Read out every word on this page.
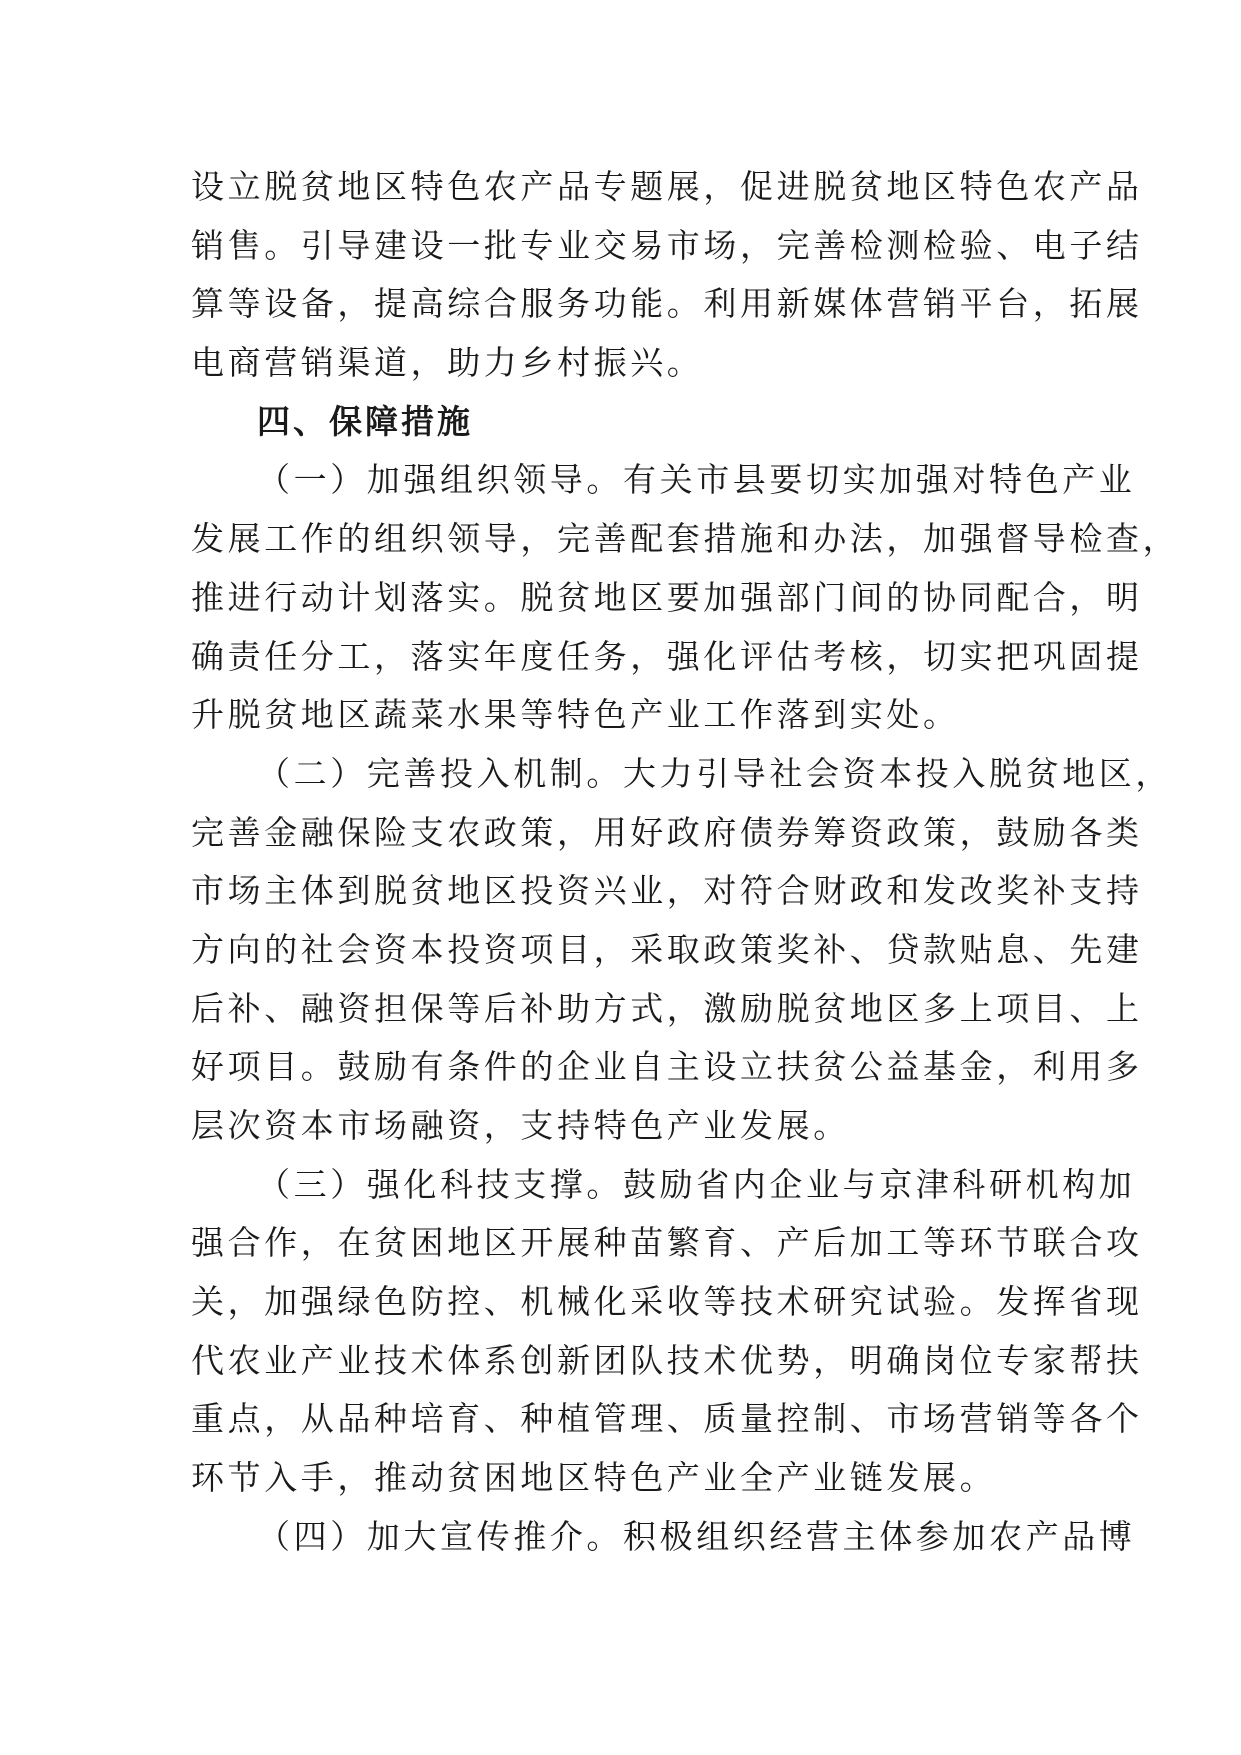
设立脱贫地区特色农产品专题展，促进脱贫地区特色农产品
销售。引导建设一批专业交易市场，完善检测检验、电子结
算等设备，提高综合服务功能。利用新媒体营销平台，拓展
电商营销渠道，助力乡村振兴。
四、保障措施
（一）加强组织领导。有关市县要切实加强对特色产业
发展工作的组织领导，完善配套措施和办法，加强督导检查，
推进行动计划落实。脱贫地区要加强部门间的协同配合，明
确责任分工，落实年度任务，强化评估考核，切实把巩固提
升脱贫地区蔬菜水果等特色产业工作落到实处。
（二）完善投入机制。大力引导社会资本投入脱贫地区，
完善金融保险支农政策，用好政府债券筹资政策，鼓励各类
市场主体到脱贫地区投资兴业，对符合财政和发改奖补支持
方向的社会资本投资项目，采取政策奖补、贷款贴息、先建
后补、融资担保等后补助方式，激励脱贫地区多上项目、上
好项目。鼓励有条件的企业自主设立扶贫公益基金，利用多
层次资本市场融资，支持特色产业发展。
（三）强化科技支撑。鼓励省内企业与京津科研机构加
强合作，在贫困地区开展种苗繁育、产后加工等环节联合攻
关，加强绿色防控、机械化采收等技术研究试验。发挥省现
代农业产业技术体系创新团队技术优势，明确岗位专家帮扶
重点，从品种培育、种植管理、质量控制、市场营销等各个
环节入手，推动贫困地区特色产业全产业链发展。
（四）加大宣传推介。积极组织经营主体参加农产品博
